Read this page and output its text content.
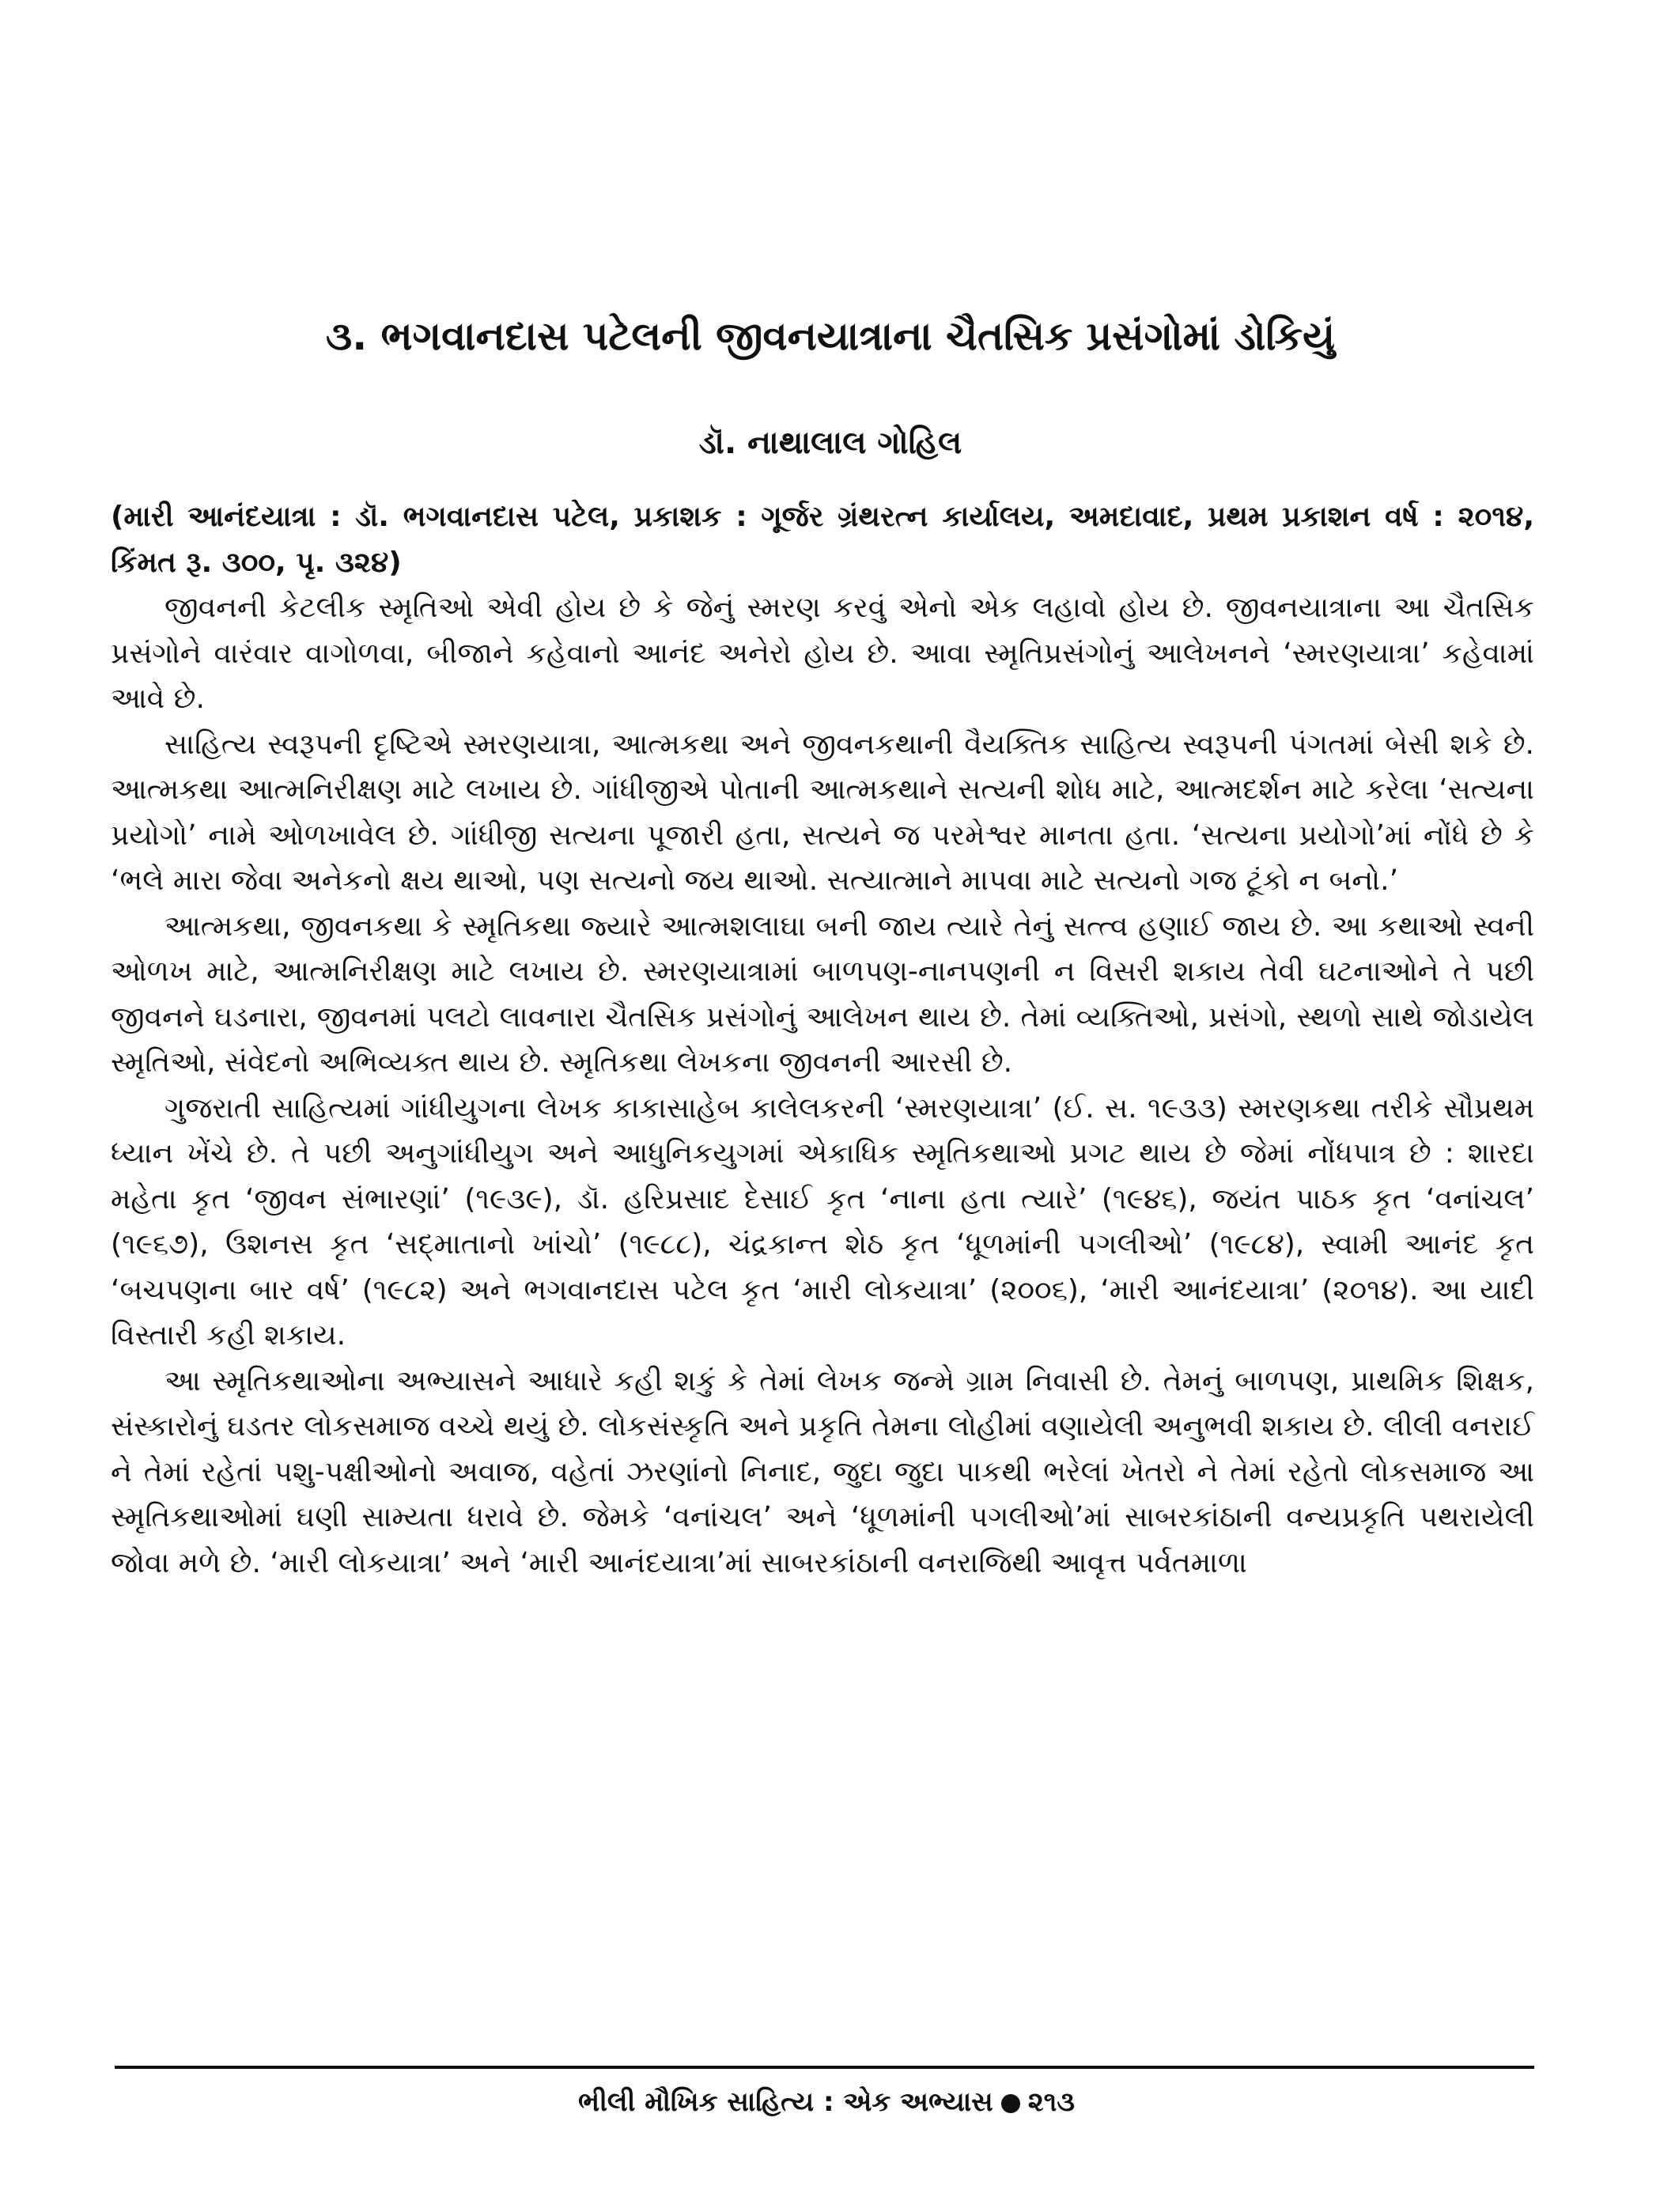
૩. ભગવાનદાસ પટેલની જીવનયાત્રાના ચૈતસિક પ્રસંગોમાં ડોકિયું
ડૉ. નાથાલાલ ગોહિલ

(મારી આનંદયાત્રા : ડૉ. ભગવાનદાસ પટેલ, પ્રકાશક : ગૂર્જર ગ્રંથરત્ન કાર્યાલય, અમદાવાદ, પ્રથમ પ્રકાશન વર્ષ : ૨૦૧૪, કિંમત રૂ. ૩૦૦, પૃ. ૩૨૪)

જીવનની કેટલીક સ્મૃતિઓ એવી હોય છે કે જેનું સ્મરણ કરવું એનો એક લહાવો હોય છે. જીવનયાત્રાના આ ચૈતસિક પ્રસંગોને વારંવાર વાગોળવા, બીજાને કહેવાનો આનંદ અનેરો હોય છે. આવા સ્મૃતિપ્રસંગોનું આલેખનને ‘સ્મરણયાત્રા’ કહેવામાં આવે છે.

સાહિત્ય સ્વરૂપની દૃષ્ટિએ સ્મરણયાત્રા, આત્મકથા અને જીવનકથાની વૈયક્તિક સાહિત્ય સ્વરૂપની પંગતમાં બેસી શકે છે. આત્મકથા આત્મનિરીક્ષણ માટે લખાય છે. ગાંધીજીએ પોતાની આત્મકથાને સત્યની શોધ માટે, આત્મદર્શન માટે કરેલા ‘સત્યના પ્રયોગો’ નામે ઓળખાવેલ છે. ગાંધીજી સત્યના પૂજારી હતા, સત્યને જ પરમેશ્વર માનતા હતા. ‘સત્યના પ્રયોગો’માં નોંધે છે કે ‘ભલે મારા જેવા અનેકનો ક્ષય થાઓ, પણ સત્યનો જય થાઓ. સત્યાત્માને માપવા માટે સત્યનો ગજ ટૂંકો ન બનો.’

આત્મકથા, જીવનકથા કે સ્મૃતિકથા જ્યારે આત્મશલાઘા બની જાય ત્યારે તેનું સત્ત્વ હણાઈ જાય છે. આ કથાઓ સ્વની ઓળખ માટે, આત્મનિરીક્ષણ માટે લખાય છે. સ્મરણયાત્રામાં બાળપણ-નાનપણની ન વિસરી શકાય તેવી ઘટનાઓને તે પછી જીવનને ઘડનારા, જીવનમાં પલટો લાવનારા ચૈતસિક પ્રસંગોનું આલેખન થાય છે. તેમાં વ્યક્તિઓ, પ્રસંગો, સ્થળો સાથે જોડાયેલ સ્મૃતિઓ, સંવેદનો અભિવ્યક્ત થાય છે. સ્મૃતિકથા લેખકના જીવનની આરસી છે.

ગુજરાતી સાહિત્યમાં ગાંધીયુગના લેખક કાકાસાહેબ કાલેલકરની ‘સ્મરણયાત્રા’ (ઈ. સ. ૧૯૩૩) સ્મરણકથા તરીકે સૌપ્રથમ ધ્યાન ખેંચે છે. તે પછી અનુગાંધીયુગ અને આધુનિકયુગમાં એકાધિક સ્મૃતિકથાઓ પ્રગટ થાય છે જેમાં નોંધપાત્ર છે : શારદા મહેતા કૃત ‘જીવન સંભારણાં’ (૧૯૩૯), ડૉ. હરિપ્રસાદ દેસાઈ કૃત ‘નાના હતા ત્યારે’ (૧૯૪૬), જયંત પાઠક કૃત ‘વનાંચલ’ (૧૯૬૭), ઉશનસ કૃત ‘સદ્‌માતાનો ખાંચો’ (૧૯૮૮), ચંદ્રકાન્ત શેઠ કૃત ‘ધૂળમાંની પગલીઓ’ (૧૯૮૪), સ્વામી આનંદ કૃત ‘બચપણના બાર વર્ષ’ (૧૯૮૨) અને ભગવાનદાસ પટેલ કૃત ‘મારી લોકયાત્રા’ (૨૦૦૬), ‘મારી આનંદયાત્રા’ (૨૦૧૪). આ યાદી વિસ્તારી કહી શકાય.

આ સ્મૃતિકથાઓના અભ્યાસને આધારે કહી શકું કે તેમાં લેખક જન્મે ગ્રામ નિવાસી છે. તેમનું બાળપણ, પ્રાથમિક શિક્ષક, સંસ્કારોનું ઘડતર લોકસમાજ વચ્ચે થયું છે. લોકસંસ્કૃતિ અને પ્રકૃતિ તેમના લોહીમાં વણાયેલી અનુભવી શકાય છે. લીલી વનરાઈ ને તેમાં રહેતાં પશુ-પક્ષીઓનો અવાજ, વહેતાં ઝરણાંનો નિનાદ, જુદા જુદા પાકથી ભરેલાં ખેતરો ને તેમાં રહેતો લોકસમાજ આ સ્મૃતિકથાઓમાં ઘણી સામ્યતા ધરાવે છે. જેમકે ‘વનાંચલ’ અને ‘ધૂળમાંની પગલીઓ’માં સાબરકાંઠાની વન્યપ્રકૃતિ પથરાયેલી જોવા મળે છે. ‘મારી લોકયાત્રા’ અને ‘મારી આનંદયાત્રા’માં સાબરકાંઠાની વનરાજિથી આવૃત્ત પર્વતમાળા

ભીલી મૌખિક સાહિત્ય : એક અભ્યાસ ૨૧૩
